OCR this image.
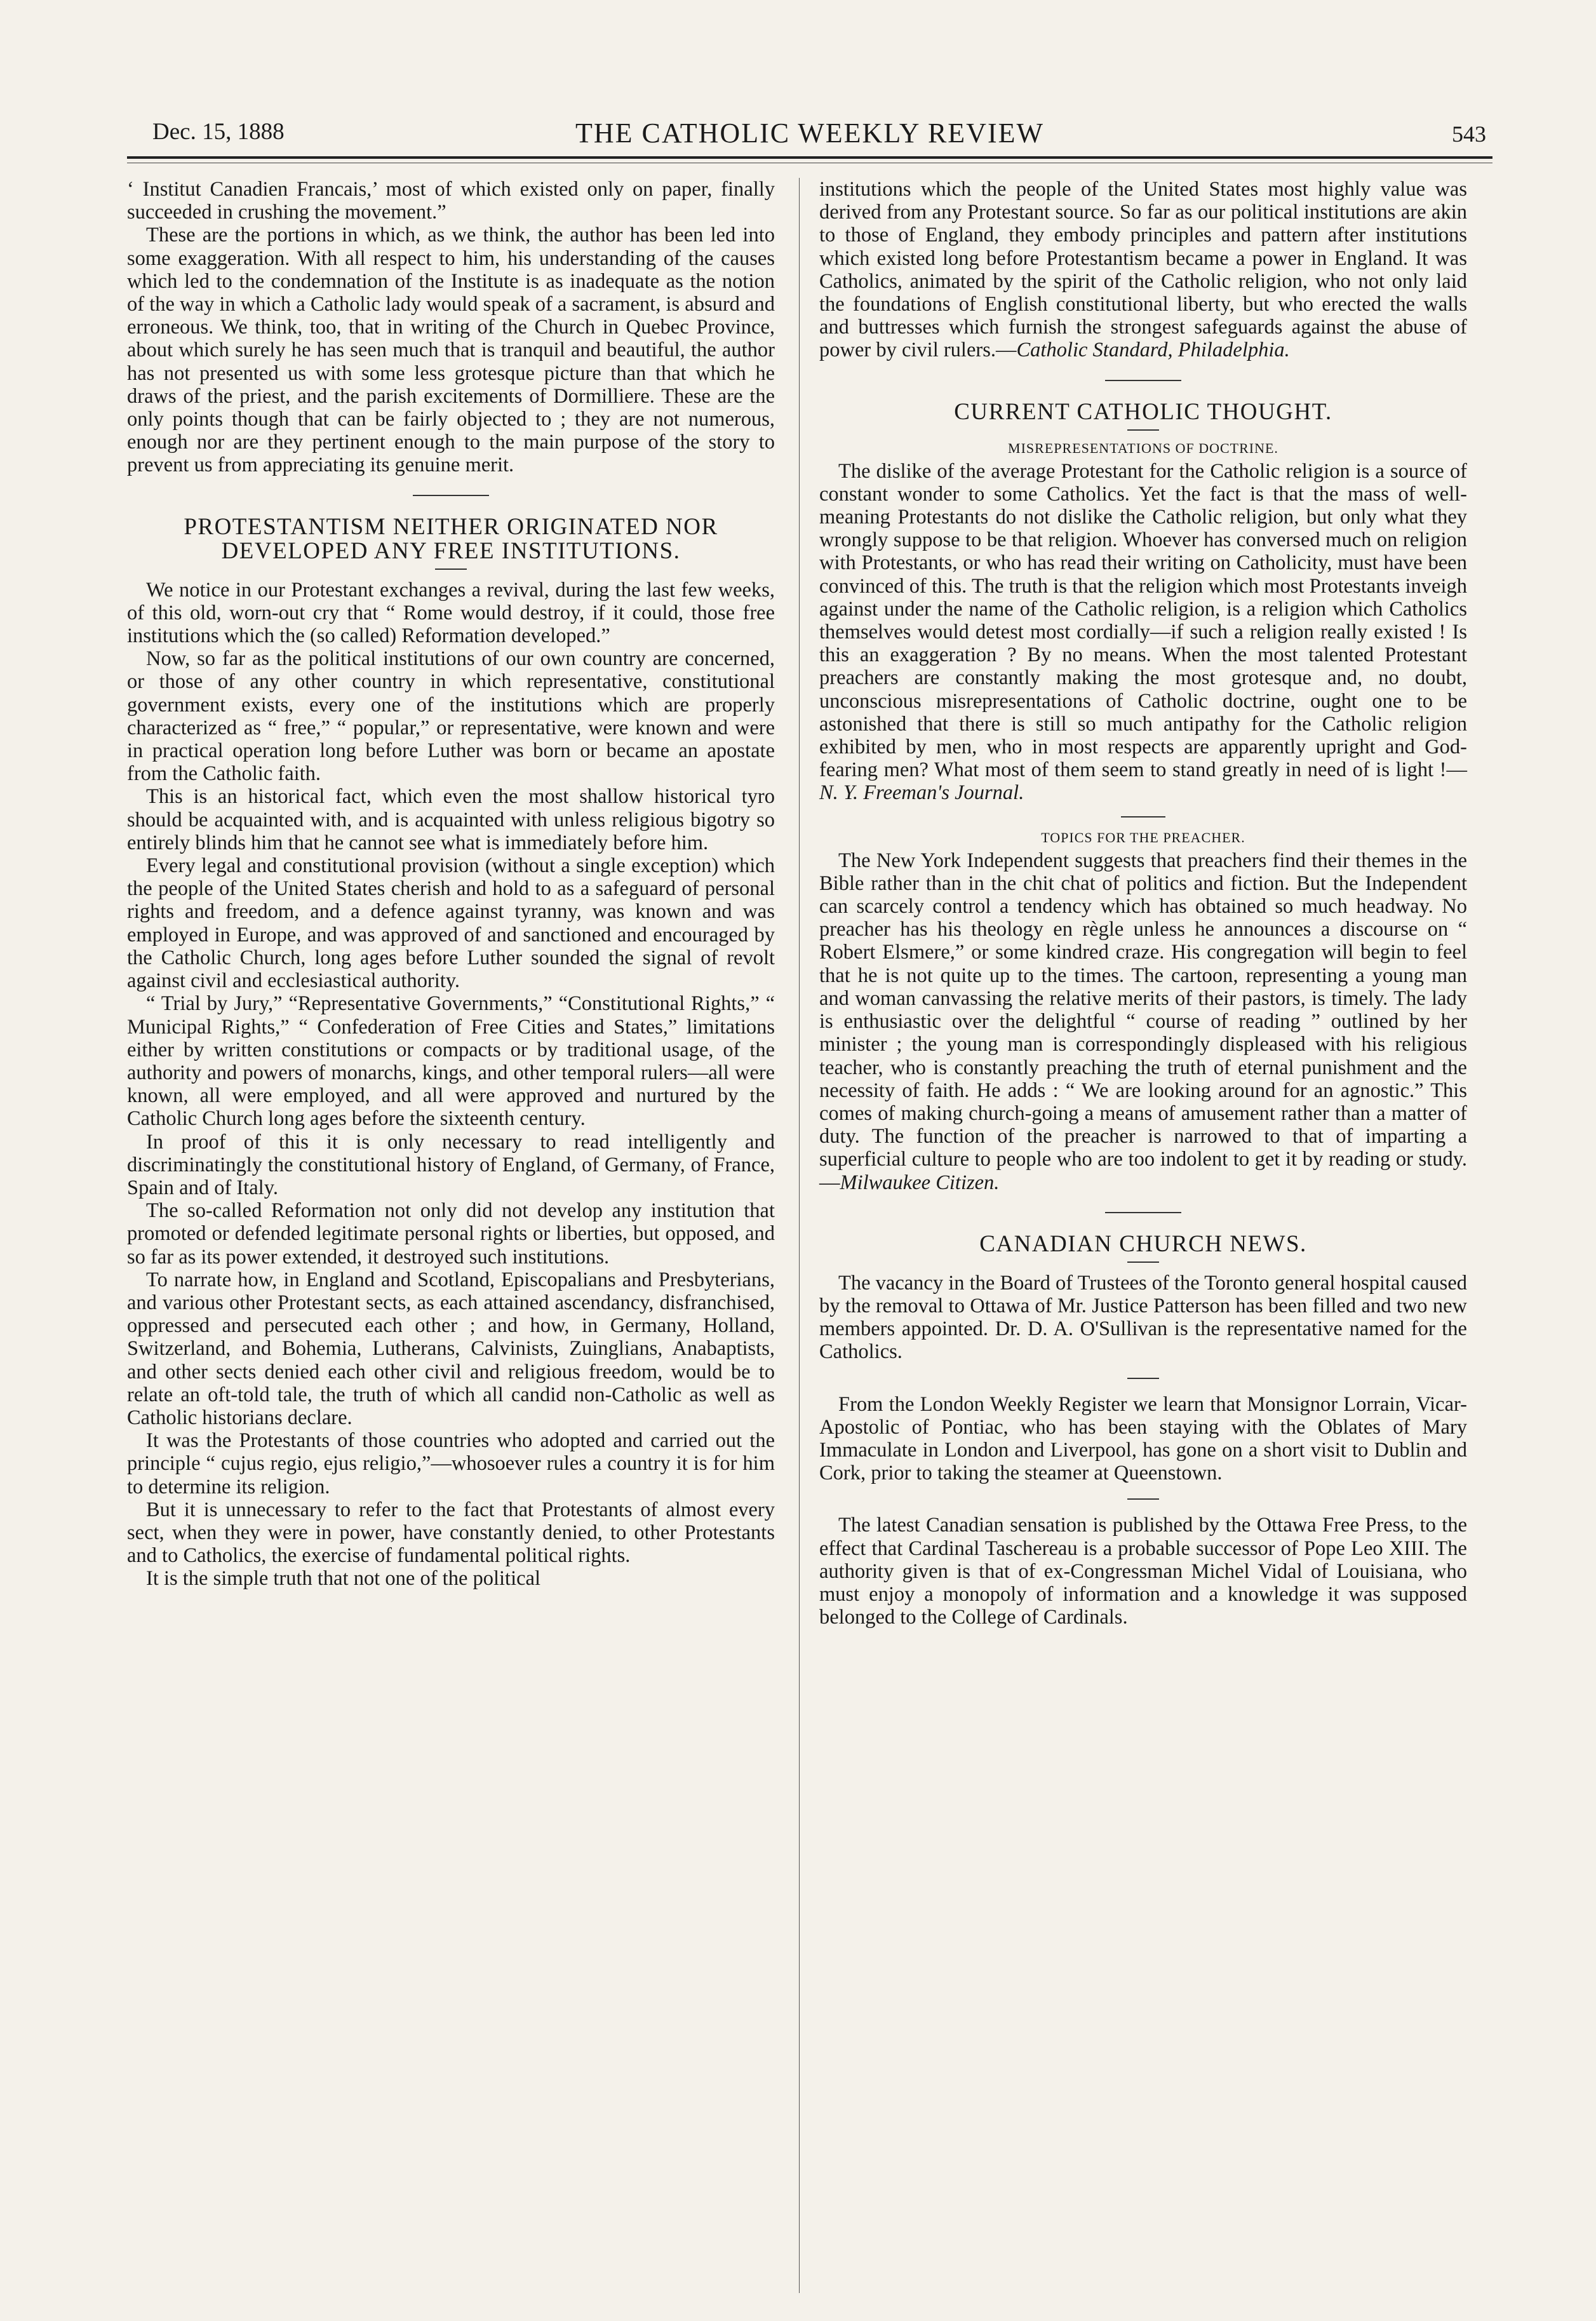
Dec. 15, 1888	THE CATHOLIC WEEKLY REVIEW	543

‘ Institut Canadien Francais,’ most of which existed only on paper, finally succeeded in crushing the movement.”

These are the portions in which, as we think, the author has been led into some exaggeration. With all respect to him, his understanding of the causes which led to the condemnation of the Institute is as inadequate as the notion of the way in which a Catholic lady would speak of a sacrament, is absurd and erroneous. We think, too, that in writing of the Church in Quebec Province, about which surely he has seen much that is tranquil and beautiful, the author has not presented us with some less grotesque picture than that which he draws of the priest, and the parish excitements of Dormilliere. These are the only points though that can be fairly objected to ; they are not numerous, enough nor are they pertinent enough to the main purpose of the story to prevent us from appreciating its genuine merit.

PROTESTANTISM NEITHER ORIGINATED NOR DEVELOPED ANY FREE INSTITUTIONS.

We notice in our Protestant exchanges a revival, during the last few weeks, of this old, worn-out cry that “ Rome would destroy, if it could, those free institutions which the (so called) Reformation developed.”

Now, so far as the political institutions of our own country are concerned, or those of any other country in which representative, constitutional government exists, every one of the institutions which are properly characterized as “ free,” “ popular,” or representative, were known and were in practical operation long before Luther was born or became an apostate from the Catholic faith.

This is an historical fact, which even the most shallow historical tyro should be acquainted with, and is acquainted with unless religious bigotry so entirely blinds him that he cannot see what is immediately before him.

Every legal and constitutional provision (without a single exception) which the people of the United States cherish and hold to as a safeguard of personal rights and freedom, and a defence against tyranny, was known and was employed in Europe, and was approved of and sanctioned and encouraged by the Catholic Church, long ages before Luther sounded the signal of revolt against civil and ecclesiastical authority.

“ Trial by Jury,” “Representative Governments,” “Constitutional Rights,” “ Municipal Rights,” “ Confederation of Free Cities and States,” limitations either by written constitutions or compacts or by traditional usage, of the authority and powers of monarchs, kings, and other temporal rulers—all were known, all were employed, and all were approved and nurtured by the Catholic Church long ages before the sixteenth century.

In proof of this it is only necessary to read intelligently and discriminatingly the constitutional history of England, of Germany, of France, Spain and of Italy.

The so-called Reformation not only did not develop any institution that promoted or defended legitimate personal rights or liberties, but opposed, and so far as its power extended, it destroyed such institutions.

To narrate how, in England and Scotland, Episcopalians and Presbyterians, and various other Protestant sects, as each attained ascendancy, disfranchised, oppressed and persecuted each other ; and how, in Germany, Holland, Switzerland, and Bohemia, Lutherans, Calvinists, Zuinglians, Anabaptists, and other sects denied each other civil and religious freedom, would be to relate an oft-told tale, the truth of which all candid non-Catholic as well as Catholic historians declare.

It was the Protestants of those countries who adopted and carried out the principle “ cujus regio, ejus religio,”—whosoever rules a country it is for him to determine its religion.

But it is unnecessary to refer to the fact that Protestants of almost every sect, when they were in power, have constantly denied, to other Protestants and to Catholics, the exercise of fundamental political rights.

It is the simple truth that not one of the political

institutions which the people of the United States most highly value was derived from any Protestant source. So far as our political institutions are akin to those of England, they embody principles and pattern after institutions which existed long before Protestantism became a power in England. It was Catholics, animated by the spirit of the Catholic religion, who not only laid the foundations of English constitutional liberty, but who erected the walls and buttresses which furnish the strongest safeguards against the abuse of power by civil rulers.—Catholic Standard, Philadelphia.

CURRENT CATHOLIC THOUGHT.
MISREPRESENTATIONS OF DOCTRINE.

The dislike of the average Protestant for the Catholic religion is a source of constant wonder to some Catholics. Yet the fact is that the mass of well-meaning Protestants do not dislike the Catholic religion, but only what they wrongly suppose to be that religion. Whoever has conversed much on religion with Protestants, or who has read their writing on Catholicity, must have been convinced of this. The truth is that the religion which most Protestants inveigh against under the name of the Catholic religion, is a religion which Catholics themselves would detest most cordially—if such a religion really existed ! Is this an exaggeration ? By no means. When the most talented Protestant preachers are constantly making the most grotesque and, no doubt, unconscious misrepresentations of Catholic doctrine, ought one to be astonished that there is still so much antipathy for the Catholic religion exhibited by men, who in most respects are apparently upright and God-fearing men? What most of them seem to stand greatly in need of is light !—N. Y. Freeman's Journal.

TOPICS FOR THE PREACHER.

The New York Independent suggests that preachers find their themes in the Bible rather than in the chit chat of politics and fiction. But the Independent can scarcely control a tendency which has obtained so much headway. No preacher has his theology en règle unless he announces a discourse on “ Robert Elsmere,” or some kindred craze. His congregation will begin to feel that he is not quite up to the times. The cartoon, representing a young man and woman canvassing the relative merits of their pastors, is timely. The lady is enthusiastic over the delightful “ course of reading ” outlined by her minister ; the young man is correspondingly displeased with his religious teacher, who is constantly preaching the truth of eternal punishment and the necessity of faith. He adds : “ We are looking around for an agnostic.” This comes of making church-going a means of amusement rather than a matter of duty. The function of the preacher is narrowed to that of imparting a superficial culture to people who are too indolent to get it by reading or study.—Milwaukee Citizen.

CANADIAN CHURCH NEWS.

The vacancy in the Board of Trustees of the Toronto general hospital caused by the removal to Ottawa of Mr. Justice Patterson has been filled and two new members appointed. Dr. D. A. O'Sullivan is the representative named for the Catholics.

From the London Weekly Register we learn that Monsignor Lorrain, Vicar-Apostolic of Pontiac, who has been staying with the Oblates of Mary Immaculate in London and Liverpool, has gone on a short visit to Dublin and Cork, prior to taking the steamer at Queenstown.

The latest Canadian sensation is published by the Ottawa Free Press, to the effect that Cardinal Taschereau is a probable successor of Pope Leo XIII. The authority given is that of ex-Congressman Michel Vidal of Louisiana, who must enjoy a monopoly of information and a knowledge it was supposed belonged to the College of Cardinals.
